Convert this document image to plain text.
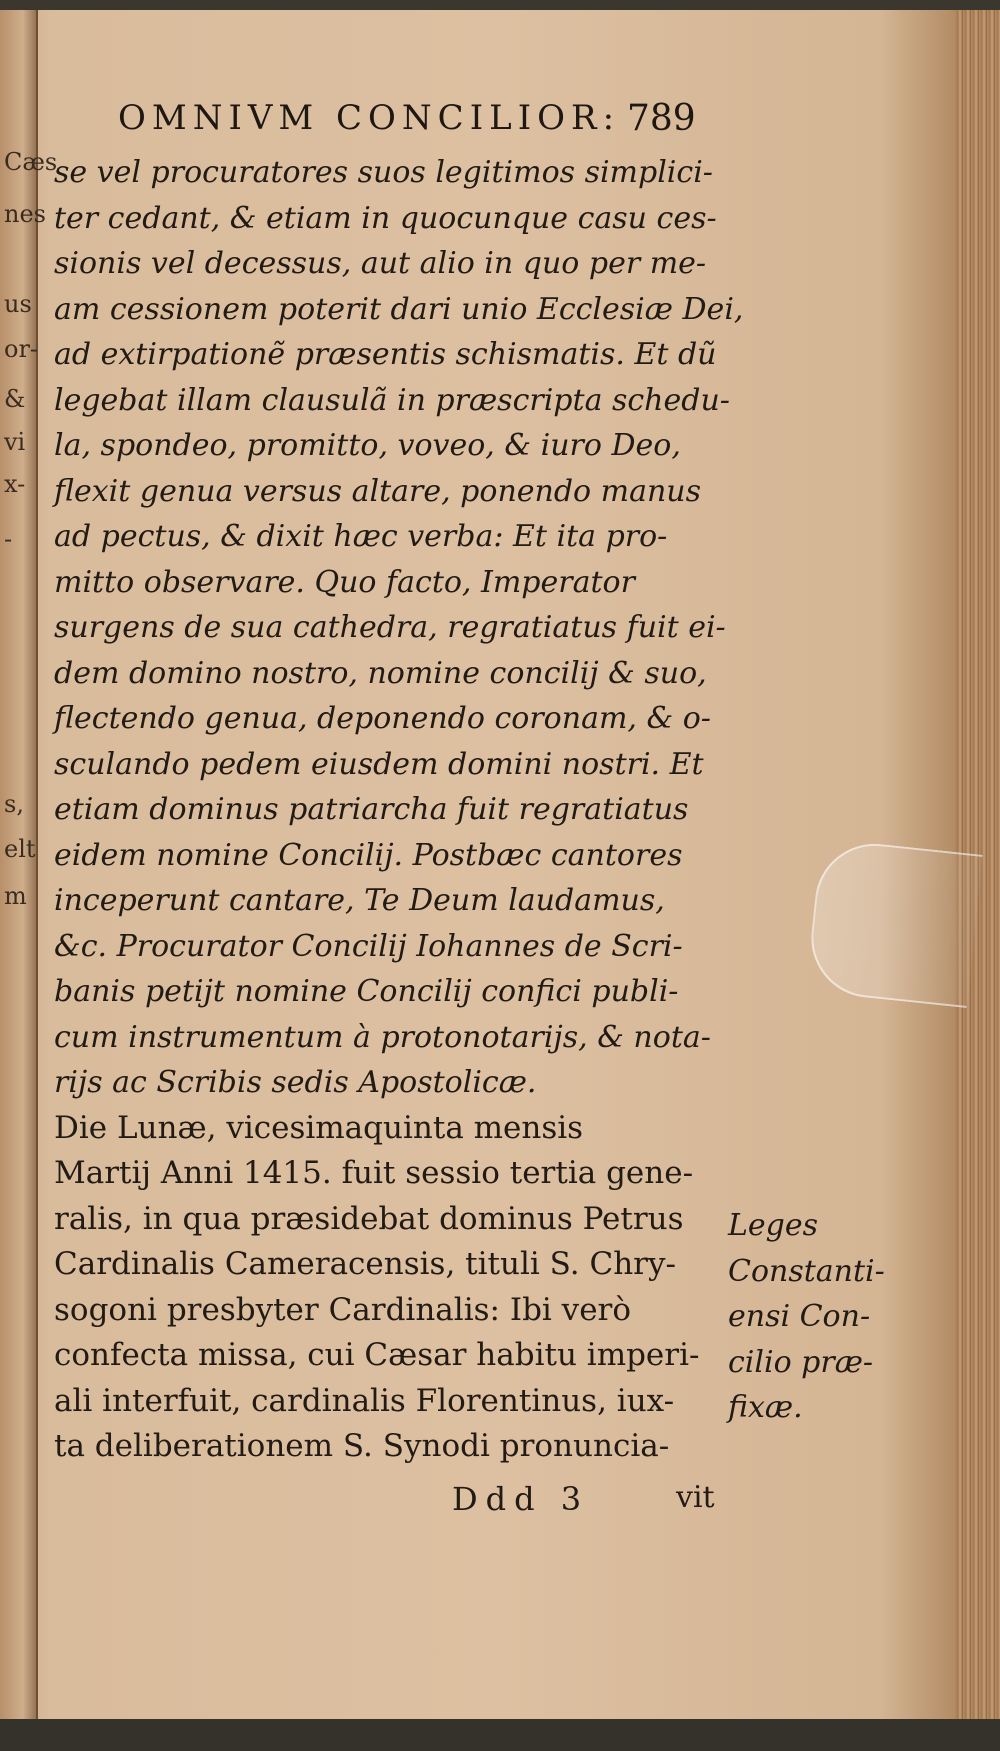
Cæs
nes
us
or-
&
vi
x-
-
s,
elt
m
OMNIVM CONCILIOR: 789
se vel procuratores suos legitimos simplici-
ter cedant, & etiam in quocunque casu ces-
sionis vel decessus, aut alio in quo per me-
am cessionem poterit dari unio Ecclesiæ Dei,
ad extirpationẽ præsentis schismatis. Et dũ
legebat illam clausulã in præscripta schedu-
la, spondeo, promitto, voveo, & iuro Deo,
flexit genua versus altare, ponendo manus
ad pectus, & dixit hæc verba: Et ita pro-
mitto observare. Quo facto, Imperator
surgens de sua cathedra, regratiatus fuit ei-
dem domino nostro, nomine concilij & suo,
flectendo genua, deponendo coronam, & o-
sculando pedem eiusdem domini nostri. Et
etiam dominus patriarcha fuit regratiatus
eidem nomine Concilij. Postbæc cantores
inceperunt cantare, Te Deum laudamus,
&c. Procurator Concilij Iohannes de Scri-
banis petijt nomine Concilij confici publi-
cum instrumentum à protonotarijs, & nota-
rijs ac Scribis sedis Apostolicæ.
Die Lunæ, vicesimaquinta mensis
Martij Anni 1415. fuit sessio tertia gene-
ralis, in qua præsidebat dominus Petrus
Cardinalis Cameracensis, tituli S. Chry-
sogoni presbyter Cardinalis: Ibi verò
confecta missa, cui Cæsar habitu imperi-
ali interfuit, cardinalis Florentinus, iux-
ta deliberationem S. Synodi pronuncia-
Leges
Constanti-
ensi Con-
cilio præ-
fixæ.
Ddd 3	vit
